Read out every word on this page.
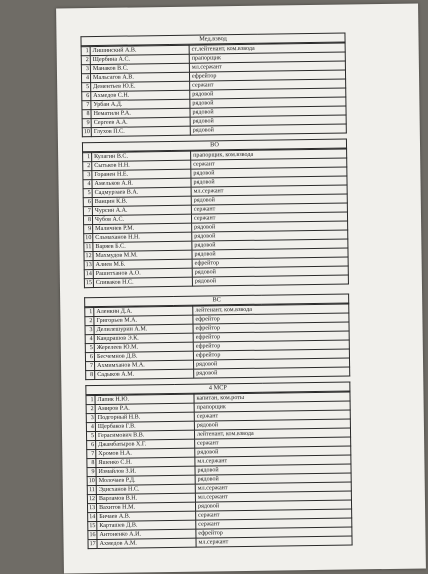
Мед.взвод
1	Лишинский А.В.	ст.лейтенант, ком.взвода
2	Щербина А.С.	прапорщик
3	Манаков В.С.	мл.сержант
4	Мальсагов А.В.	ефрейтор
5	Дементьев Ю.Е.	сержант
6	Ахмедов С.Н.	рядовой
7	Урбан А.Д.	рядовой
8	Нематили Р.А.	рядовой
9	Сергеев А.А.	рядовой
10	Глухов П.С.	рядовой
ВО
1	Кулагин В.С.	прапорщик, ком.взвода
2	Сытьков Н.Н.	сержант
3	Горанен Н.Е.	рядовой
4	Амельков А.Я.	рядовой
5	Садмурзаев В.А.	мл.сержант
6	Ванцин К.В.	рядовой
7	Чурсин А.А.	сержант
8	Чубов А.С.	сержант
9	Маличиев Р.М.	рядовой
10	Сльмаханов Н.Н.	рядовой
11	Варяев Б.С.	рядовой
12	Махмудов М.М.	рядовой
13	Алиев М.Б.	ефрейтор
14	Рашитханов А.О.	рядовой
15	Спиваков Н.С.	рядовой
ВС
1	Аленкин Д.А.	лейтенант, ком.взвода
2	Григорьев М.А.	ефрейтор
3	Делилешурин А.М.	ефрейтор
4	Кандрашов Э.К.	ефрейтор
5	Жерелеев Ю.М.	ефрейтор
6	Бесчемнов Д.В.	ефрейтор
7	Ахмимханов М.А.	рядовой
8	Садыков А.М.	рядовой
4 МСР
1	Лапик Н.Ю.	капитан, ком.роты
2	Амиров Р.А.	прапорщик
3	Подгорный Н.В.	сержант
4	Щербаков Г.В.	рядовой
5	Герасимович В.В.	лейтенант, ком.взвода
6	Джамбатыров Х.Г.	сержант
7	Хромов Н.А.	рядовой
8	Яшенко С.Н.	мл.сержант
9	Измайлов З.И.	рядовой
10	Молочаев Р.Д.	рядовой
11	Эдисханов Н.С.	мл.сержант
12	Варламов В.Н.	мл.сержант
13	Вахитов Н.М.	рядовой
14	Бичаев А.В.	сержант
15	Карташев Д.В.	сержант
16	Антоненко А.И.	ефрейтор
17	Ахмедов А.М.	мл.сержант
